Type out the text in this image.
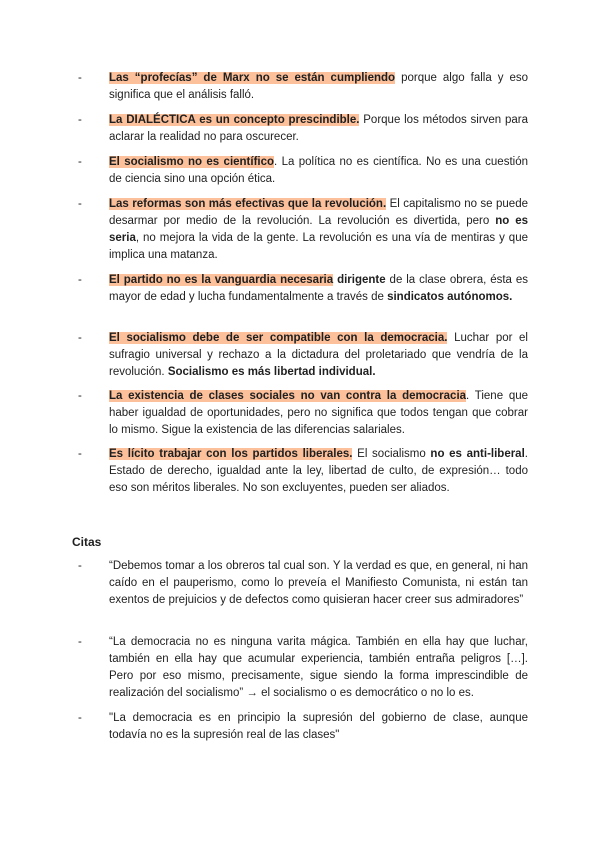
- Las “profecías” de Marx no se están cumpliendo porque algo falla y eso significa que el análisis falló.
- La DIALÉCTICA es un concepto prescindible. Porque los métodos sirven para aclarar la realidad no para oscurecer.
- El socialismo no es científico. La política no es científica. No es una cuestión de ciencia sino una opción ética.
- Las reformas son más efectivas que la revolución. El capitalismo no se puede desarmar por medio de la revolución. La revolución es divertida, pero no es seria, no mejora la vida de la gente. La revolución es una vía de mentiras y que implica una matanza.
- El partido no es la vanguardia necesaria dirigente de la clase obrera, ésta es mayor de edad y lucha fundamentalmente a través de sindicatos autónomos.
- El socialismo debe de ser compatible con la democracia. Luchar por el sufragio universal y rechazo a la dictadura del proletariado que vendría de la revolución. Socialismo es más libertad individual.
- La existencia de clases sociales no van contra la democracia. Tiene que haber igualdad de oportunidades, pero no significa que todos tengan que cobrar lo mismo. Sigue la existencia de las diferencias salariales.
- Es lícito trabajar con los partidos liberales. El socialismo no es anti-liberal. Estado de derecho, igualdad ante la ley, libertad de culto, de expresión… todo eso son méritos liberales. No son excluyentes, pueden ser aliados.
Citas
- “Debemos tomar a los obreros tal cual son. Y la verdad es que, en general, ni han caído en el pauperismo, como lo preveía el Manifiesto Comunista, ni están tan exentos de prejuicios y de defectos como quisieran hacer creer sus admiradores”
- “La democracia no es ninguna varita mágica. También en ella hay que luchar, también en ella hay que acumular experiencia, también entraña peligros […]. Pero por eso mismo, precisamente, sigue siendo la forma imprescindible de realización del socialismo” → el socialismo o es democrático o no lo es.
- "La democracia es en principio la supresión del gobierno de clase, aunque todavía no es la supresión real de las clases"
